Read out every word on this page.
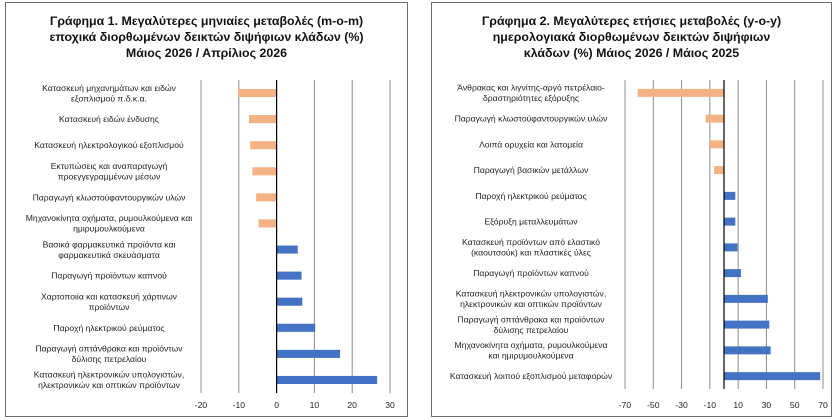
Γράφημα 1. Μεγαλύτερες μηνιαίες μεταβολές (m-o-m)
εποχικά διορθωμένων δεικτών διψήφιων κλάδων (%)
Μάιος 2026 / Απρίλιος 2026
Κατασκευή μηχανημάτων και ειδών εξοπλισμού π.δ.κ.α.
Κατασκευή ειδών ένδυσης
Κατασκευή ηλεκτρολογικού εξοπλισμού
Εκτυπώσεις και αναπαραγωγή προεγγεγραμμένων μέσων
Παραγωγή κλωστοϋφαντουργικών υλών
Μηχανοκίνητα οχήματα, ρυμουλκούμενα και ημιρυμουλκούμενα
Βασικά φαρμακευτικά προϊόντα και φαρμακευτικά σκευάσματα
Παραγωγή προϊόντων καπνού
Χαρτοποιία και κατασκευή χάρτινων προϊόντων
Παροχή ηλεκτρικού ρεύματος
Παραγωγή οπτάνθρακα και προϊόντων δύλισης πετρελαίου
Κατασκευή ηλεκτρονικών υπολογιστών, ηλεκτρονικών και οπτικών προϊόντων
-20	-10	0	10	20	30
Γράφημα 2. Μεγαλύτερες ετήσιες μεταβολές (y-o-y)
ημερολογιακά διορθωμένων δεικτών διψήφιων
κλάδων (%) Μάιος 2026 / Μάιος 2025
Άνθρακας και λιγνίτης-αργό πετρέλαιο-δραστηριότητες εξόρυξης
Παραγωγή κλωστοϋφαντουργικών υλών
Λοιπά ορυχεία και λατομεία
Παραγωγή βασικών μετάλλων
Παροχή ηλεκτρικού ρεύματος
Εξόρυξη μεταλλευμάτων
Κατασκευή προϊόντων από ελαστικό (καουτσούκ) και πλαστικές ύλες
Παραγωγή προϊόντων καπνού
Κατασκευή ηλεκτρονικών υπολογιστών, ηλεκτρονικών και οπτικών προϊόντων
Παραγωγή οπτάνθρακα και προϊόντων δύλισης πετρελαίου
Μηχανοκίνητα οχήματα, ρυμουλκούμενα και ημιρυμουλκούμενα
Κατασκευή λοιπού εξοπλισμού μεταφορών
-70 -50 -30 -10 10 30 50 70
